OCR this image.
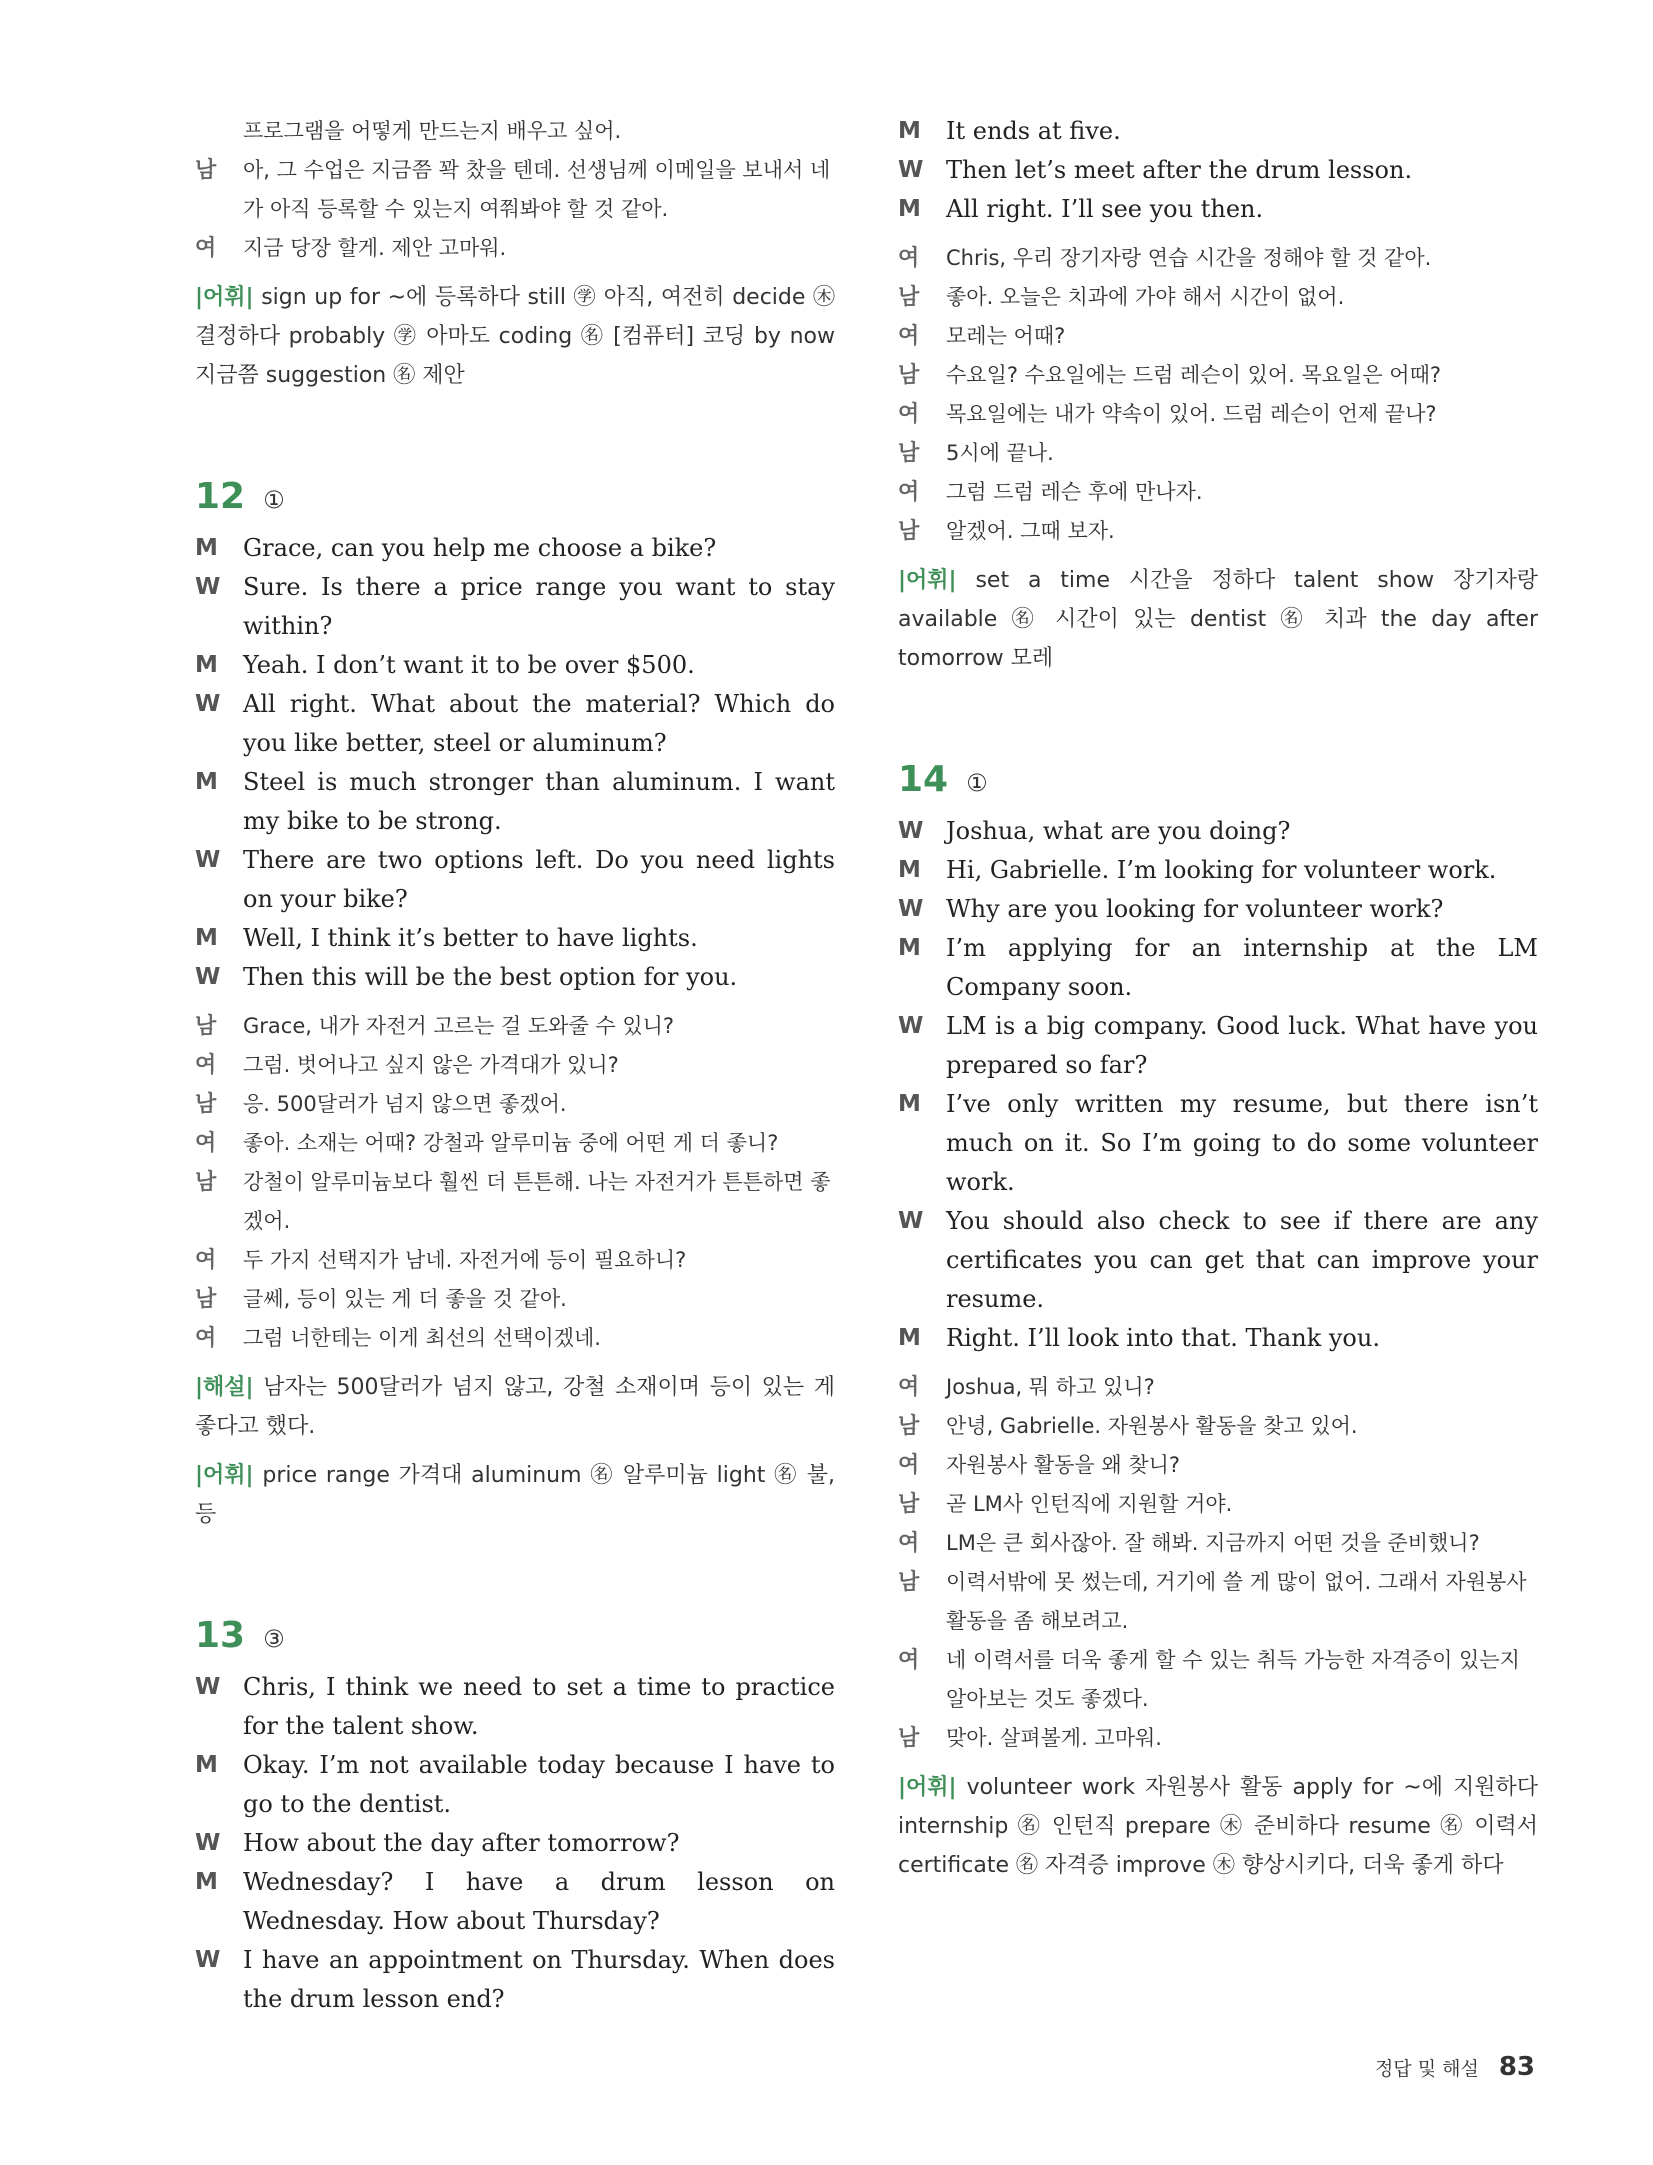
프로그램을 어떻게 만드는지 배우고 싶어.
남	아, 그 수업은 지금쯤 꽉 찼을 텐데. 선생님께 이메일을 보내서 네가 아직 등록할 수 있는지 여쭤봐야 할 것 같아.
여	지금 당장 할게. 제안 고마워.
|어휘| sign up for ~에 등록하다 still ㊫ 아직, 여전히 decide ㊍ 결정하다 probably ㊫ 아마도 coding ㊔ [컴퓨터] 코딩 by now 지금쯤 suggestion ㊔ 제안
12 ①
M	Grace, can you help me choose a bike?
W Sure. Is there a price range you want to stay within?
M	Yeah. I don’t want it to be over $500.
W All right. What about the material? Which do you like better, steel or aluminum?
M	Steel is much stronger than aluminum. I want my bike to be strong.
W There are two options left. Do you need lights on your bike?
M	Well, I think it’s better to have lights.
W Then this will be the best option for you.
남	Grace, 내가 자전거 고르는 걸 도와줄 수 있니?
여	그럼. 벗어나고 싶지 않은 가격대가 있니?
남	응. 500달러가 넘지 않으면 좋겠어.
여	좋아. 소재는 어때? 강철과 알루미늄 중에 어떤 게 더 좋니?
남	강철이 알루미늄보다 훨씬 더 튼튼해. 나는 자전거가 튼튼하면 좋겠어.
여	두 가지 선택지가 남네. 자전거에 등이 필요하니?
남	글쎄, 등이 있는 게 더 좋을 것 같아.
여	그럼 너한테는 이게 최선의 선택이겠네.
|해설| 남자는 500달러가 넘지 않고, 강철 소재이며 등이 있는 게 좋다고 했다.
|어휘| price range 가격대 aluminum ㊔ 알루미늄 light ㊔ 불, 등
13 ③
W Chris, I think we need to set a time to practice for the talent show.
M	Okay. I’m not available today because I have to go to the dentist.
W How about the day after tomorrow?
M	Wednesday? I have a drum lesson on Wednesday. How about Thursday?
W I have an appointment on Thursday. When does the drum lesson end?
M	It ends at five.
W Then let’s meet after the drum lesson.
M	All right. I’ll see you then.
여	Chris, 우리 장기자랑 연습 시간을 정해야 할 것 같아.
남	좋아. 오늘은 치과에 가야 해서 시간이 없어.
여	모레는 어때?
남	수요일? 수요일에는 드럼 레슨이 있어. 목요일은 어때?
여	목요일에는 내가 약속이 있어. 드럼 레슨이 언제 끝나?
남	5시에 끝나.
여	그럼 드럼 레슨 후에 만나자.
남	알겠어. 그때 보자.
|어휘| set a time 시간을 정하다 talent show 장기자랑 available ㊔ 시간이 있는 dentist ㊔ 치과 the day after tomorrow 모레
14 ①
W Joshua, what are you doing?
M	Hi, Gabrielle. I’m looking for volunteer work.
W Why are you looking for volunteer work?
M	I’m applying for an internship at the LM Company soon.
W LM is a big company. Good luck. What have you prepared so far?
M	I’ve only written my resume, but there isn’t much on it. So I’m going to do some volunteer work.
W You should also check to see if there are any certificates you can get that can improve your resume.
M	Right. I’ll look into that. Thank you.
여	Joshua, 뭐 하고 있니?
남	안녕, Gabrielle. 자원봉사 활동을 찾고 있어.
여	자원봉사 활동을 왜 찾니?
남	곧 LM사 인턴직에 지원할 거야.
여	LM은 큰 회사잖아. 잘 해봐. 지금까지 어떤 것을 준비했니?
남	이력서밖에 못 썼는데, 거기에 쓸 게 많이 없어. 그래서 자원봉사 활동을 좀 해보려고.
여	네 이력서를 더욱 좋게 할 수 있는 취득 가능한 자격증이 있는지 알아보는 것도 좋겠다.
남	맞아. 살펴볼게. 고마워.
|어휘| volunteer work 자원봉사 활동 apply for ~에 지원하다 internship ㊔ 인턴직 prepare ㊍ 준비하다 resume ㊔ 이력서 certificate ㊔ 자격증 improve ㊍ 향상시키다, 더욱 좋게 하다
정답 및 해설 83
